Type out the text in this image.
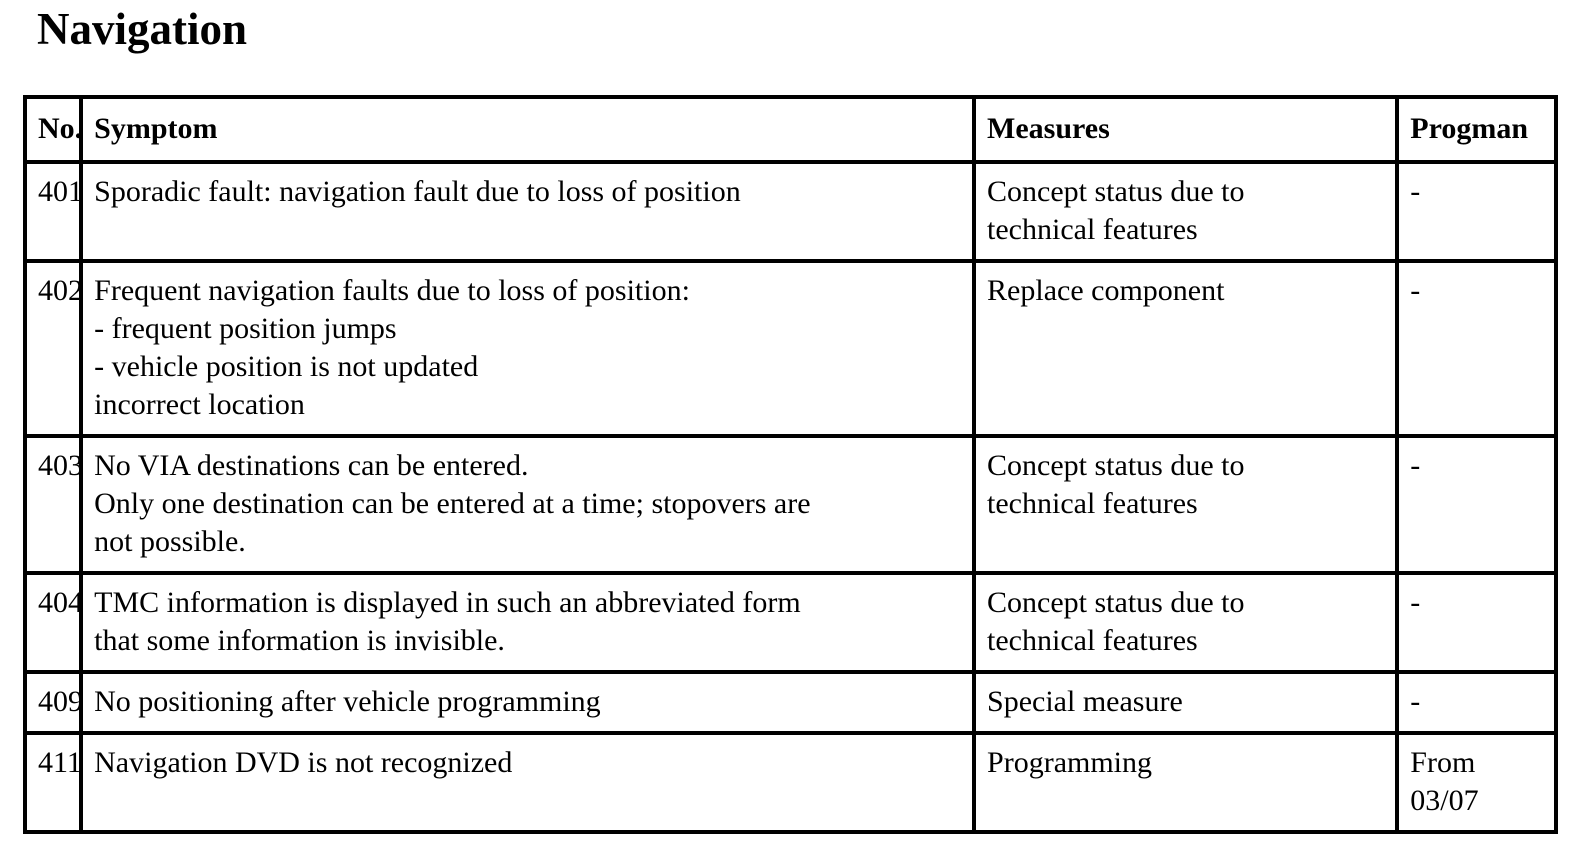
Navigation
No.	Symptom	Measures	Progman
401	Sporadic fault: navigation fault due to loss of position	Concept status due to
technical features	-

402	Frequent navigation faults due to loss of position:
- frequent position jumps
- vehicle position is not updated
incorrect location	Replace component	-

403	No VIA destinations can be entered.
Only one destination can be entered at a time; stopovers are
not possible.	Concept status due to
technical features	-

404	TMC information is displayed in such an abbreviated form
that some information is invisible.	Concept status due to
technical features	-

409	No positioning after vehicle programming	Special measure	-

411	Navigation DVD is not recognized	Programming	From
03/07
